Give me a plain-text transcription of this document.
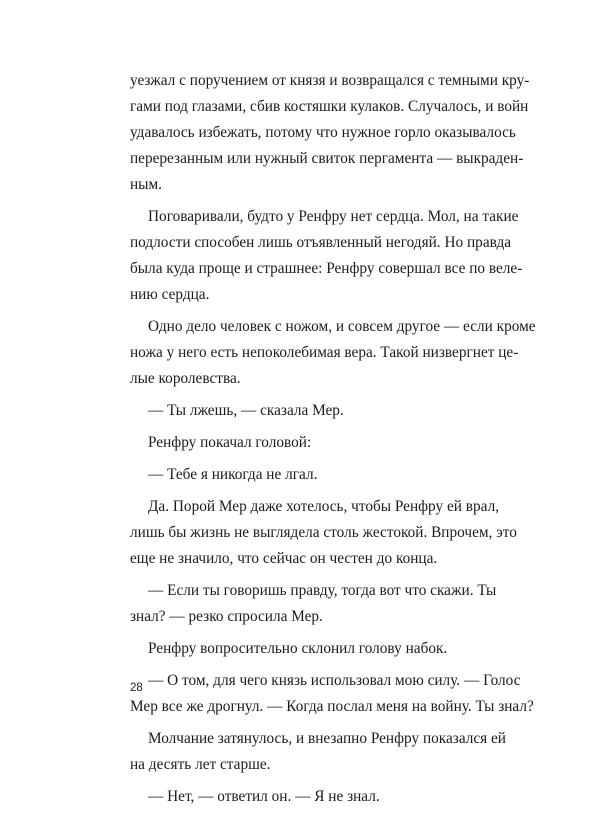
уезжал с поручением от князя и возвращался с темными кру-
гами под глазами, сбив костяшки кулаков. Случалось, и войн
удавалось избежать, потому что нужное горло оказывалось
перерезанным или нужный свиток пергамента — выкраден-
ным.
Поговаривали, будто у Ренфру нет сердца. Мол, на такие
подлости способен лишь отъявленный негодяй. Но правда
была куда проще и страшнее: Ренфру совершал все по веле-
нию сердца.
Одно дело человек с ножом, и совсем другое — если кроме
ножа у него есть непоколебимая вера. Такой низвергнет це-
лые королевства.
— Ты лжешь, — сказала Мер.
Ренфру покачал головой:
— Тебе я никогда не лгал.
Да. Порой Мер даже хотелось, чтобы Ренфру ей врал,
лишь бы жизнь не выглядела столь жестокой. Впрочем, это
еще не значило, что сейчас он честен до конца.
— Если ты говоришь правду, тогда вот что скажи. Ты
знал? — резко спросила Мер.
Ренфру вопросительно склонил голову набок.
— О том, для чего князь использовал мою силу. — Голос
Мер все же дрогнул. — Когда послал меня на войну. Ты знал?
Молчание затянулось, и внезапно Ренфру показался ей
на десять лет старше.
— Нет, — ответил он. — Я не знал.
28
